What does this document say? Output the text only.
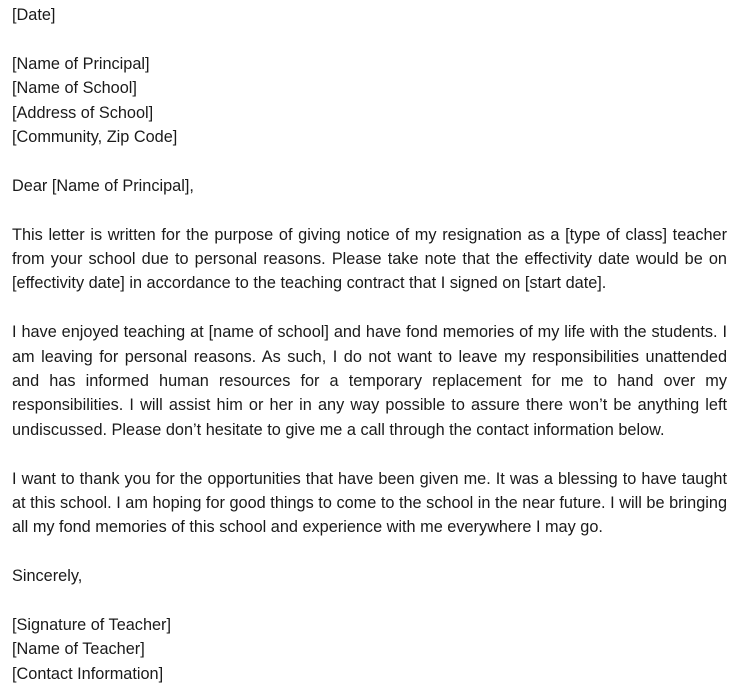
[Date]
[Name of Principal]
[Name of School]
[Address of School]
[Community, Zip Code]
Dear [Name of Principal],

This letter is written for the purpose of giving notice of my resignation as a [type of class] teacher from your school due to personal reasons. Please take note that the effectivity date would be on [effectivity date] in accordance to the teaching contract that I signed on [start date].

I have enjoyed teaching at [name of school] and have fond memories of my life with the students. I am leaving for personal reasons. As such, I do not want to leave my responsibilities unattended and has informed human resources for a temporary replacement for me to hand over my responsibilities. I will assist him or her in any way possible to assure there won’t be anything left undiscussed. Please don’t hesitate to give me a call through the contact information below.

I want to thank you for the opportunities that have been given me. It was a blessing to have taught at this school. I am hoping for good things to come to the school in the near future. I will be bringing all my fond memories of this school and experience with me everywhere I may go.

Sincerely,
[Signature of Teacher]
[Name of Teacher]
[Contact Information]
